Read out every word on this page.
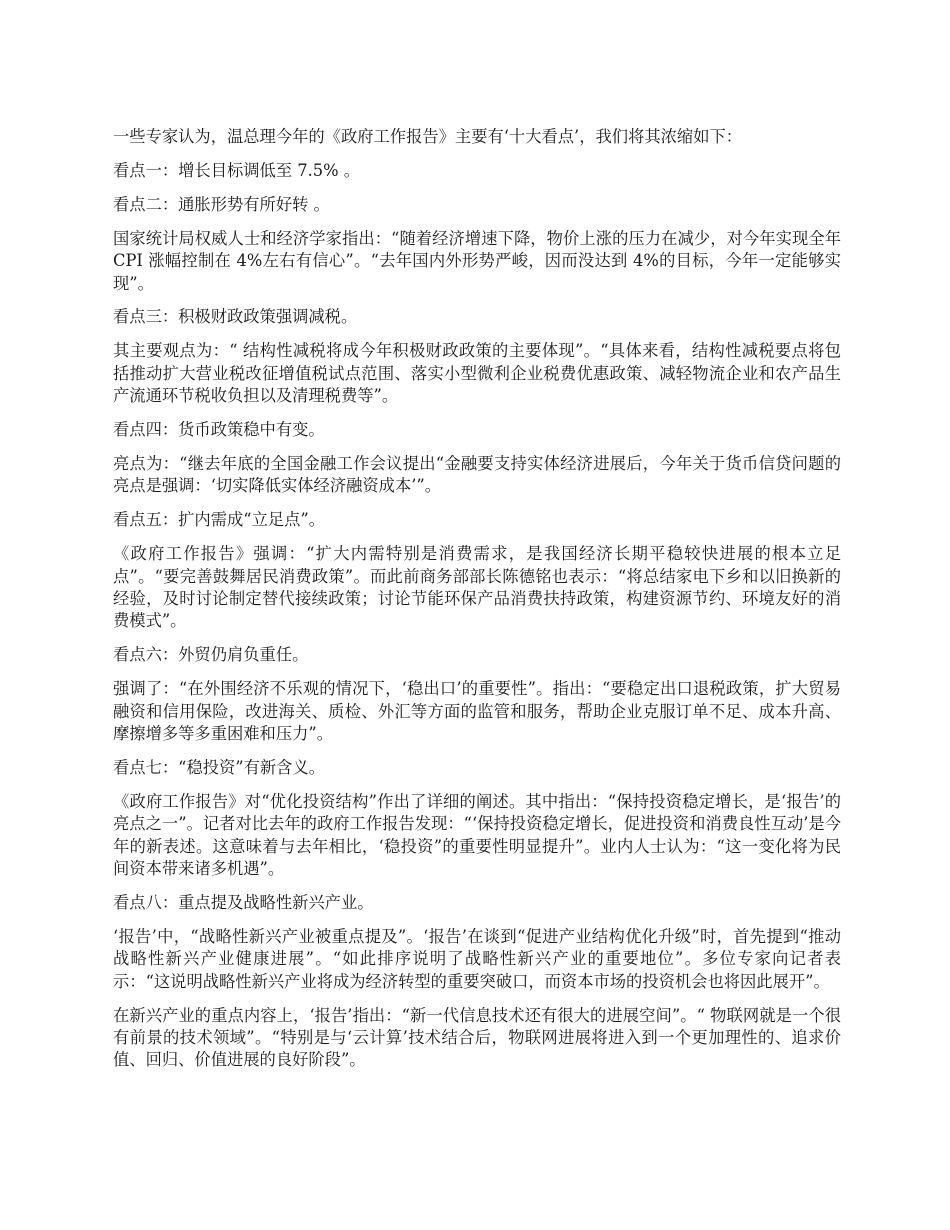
一些专家认为，温总理今年的《政府工作报告》主要有‘十大看点’，我们将其浓缩如下：

看点一：增长目标调低至 7.5% 。

看点二：通胀形势有所好转 。

国家统计局权威人士和经济学家指出：“随着经济增速下降，物价上涨的压力在减少，对今年实现全年 CPI 涨幅控制在 4%左右有信心”。“去年国内外形势严峻，因而没达到 4%的目标，今年一定能够实现”。

看点三：积极财政政策强调减税。

其主要观点为：“ 结构性减税将成今年积极财政政策的主要体现”。“具体来看，结构性减税要点将包括推动扩大营业税改征增值税试点范围、落实小型微利企业税费优惠政策、减轻物流企业和农产品生产流通环节税收负担以及清理税费等”。

看点四：货币政策稳中有变。

亮点为：“继去年底的全国金融工作会议提出“金融要支持实体经济进展后，今年关于货币信贷问题的亮点是强调：‘切实降低实体经济融资成本’”。

看点五：扩内需成“立足点”。

《政府工作报告》强调：“扩大内需特别是消费需求，是我国经济长期平稳较快进展的根本立足点”。“要完善鼓舞居民消费政策”。而此前商务部部长陈德铭也表示：“将总结家电下乡和以旧换新的经验，及时讨论制定替代接续政策；讨论节能环保产品消费扶持政策，构建资源节约、环境友好的消费模式”。

看点六：外贸仍肩负重任。

强调了：“在外围经济不乐观的情况下，‘稳出口’的重要性”。指出：“要稳定出口退税政策，扩大贸易融资和信用保险，改进海关、质检、外汇等方面的监管和服务，帮助企业克服订单不足、成本升高、摩擦增多等多重困难和压力”。

看点七：“稳投资”有新含义。

《政府工作报告》对“优化投资结构”作出了详细的阐述。其中指出：“保持投资稳定增长，是‘报告’的亮点之一”。记者对比去年的政府工作报告发现：“‘保持投资稳定增长，促进投资和消费良性互动’是今年的新表述。这意味着与去年相比，‘稳投资”的重要性明显提升”。业内人士认为：“这一变化将为民间资本带来诸多机遇”。

看点八：重点提及战略性新兴产业。

‘报告’中，“战略性新兴产业被重点提及”。‘报告’在谈到“促进产业结构优化升级”时，首先提到“推动战略性新兴产业健康进展”。“如此排序说明了战略性新兴产业的重要地位”。多位专家向记者表示：“这说明战略性新兴产业将成为经济转型的重要突破口，而资本市场的投资机会也将因此展开”。

在新兴产业的重点内容上，‘报告’指出：“新一代信息技术还有很大的进展空间”。“ 物联网就是一个很有前景的技术领域”。“特别是与‘云计算’技术结合后，物联网进展将进入到一个更加理性的、追求价值、回归、价值进展的良好阶段”。
